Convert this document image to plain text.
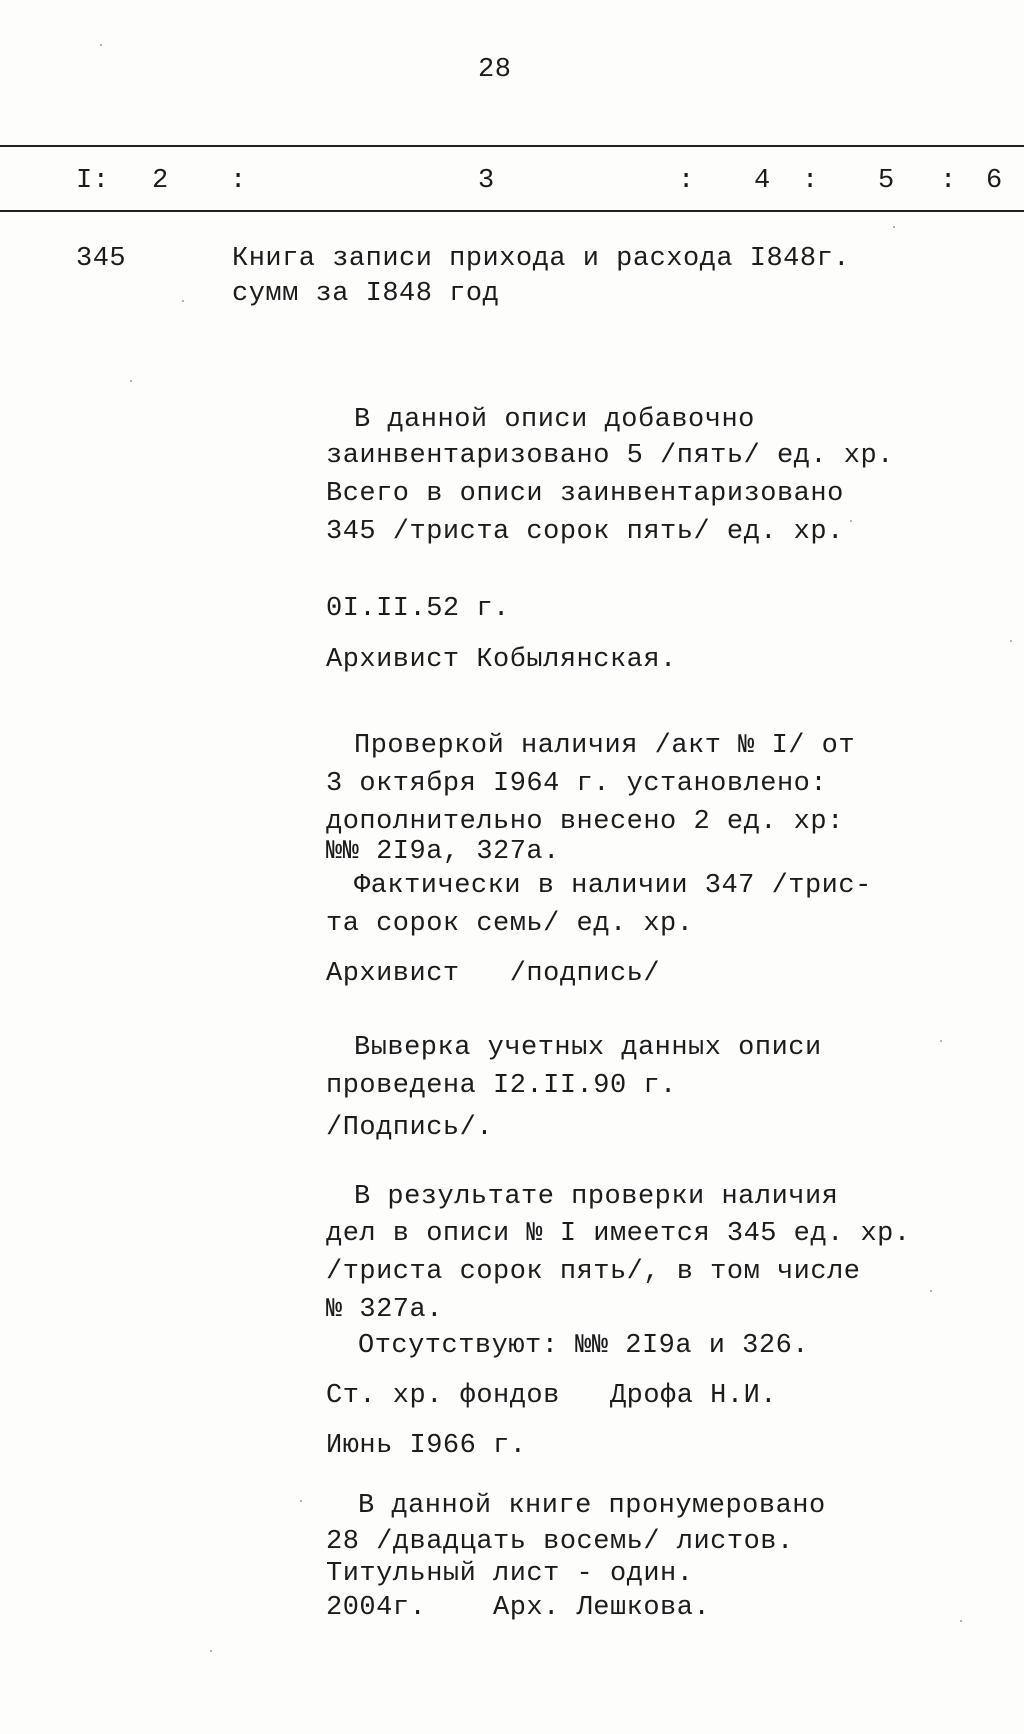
28
I: 2 :	3	: 4 : 5 : 6
345	Книга записи прихода и расхода I848г.
сумм за I848 год
В данной описи добавочно
заинвентаризовано 5 /пять/ ед. хр.
Всего в описи заинвентаризовано
345 /триста сорок пять/ ед. хр.
0I.II.52 г.
Архивист Кобылянская.
Проверкой наличия /акт № I/ от
3 октября I964 г. установлено:
дополнительно внесено 2 ед. хр:
№№ 2I9а, 327а.
Фактически в наличии 347 /трис-
та сорок семь/ ед. хр.
Архивист   /подпись/
Выверка учетных данных описи
проведена I2.II.90 г.
/Подпись/.
В результате проверки наличия
дел в описи № I имеется 345 ед. хр.
/триста сорок пять/, в том числе
№ 327а.
Отсутствуют: №№ 2I9а и 326.
Ст. хр. фондов   Дрофа Н.И.
Июнь I966 г.
В данной книге пронумеровано
28 /двадцать восемь/ листов.
Титульный лист - один.
2004г.    Арх. Лешкова.
